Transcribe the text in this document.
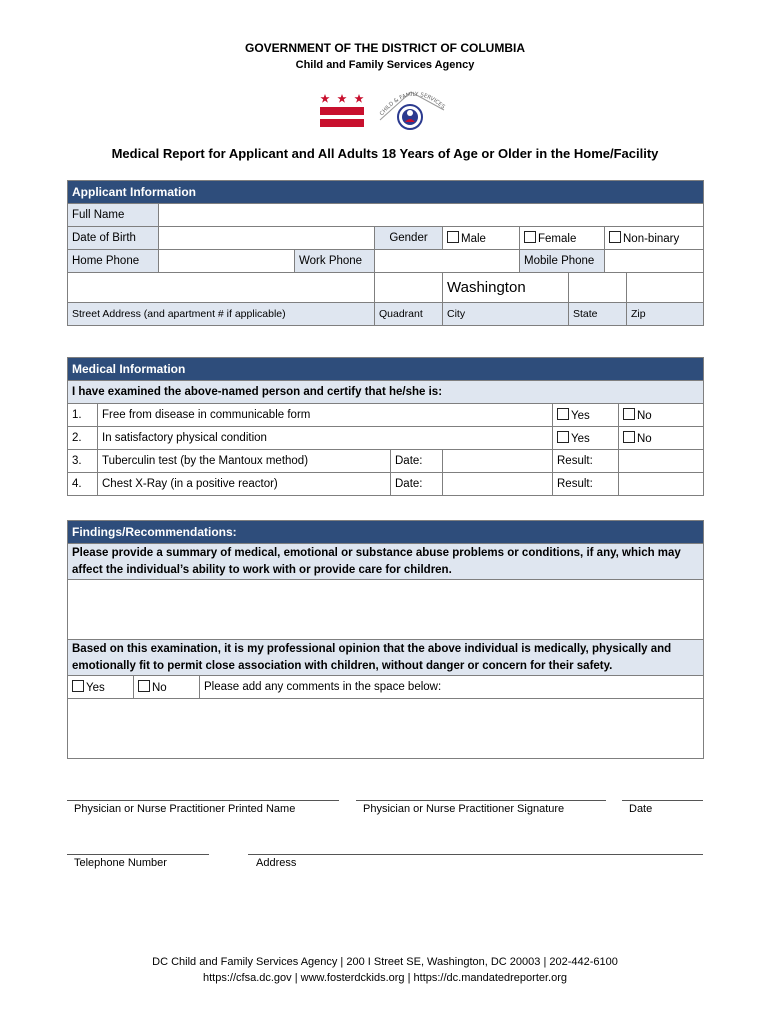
GOVERNMENT OF THE DISTRICT OF COLUMBIA
Child and Family Services Agency
CHILD & FAMILY SERVICES
Medical Report for Applicant and All Adults 18 Years of Age or Older in the Home/Facility
Applicant Information								
Full Name								
Date of Birth			Gender	Male	Female		Non-binary	
Home Phone		Work Phone			Mobile Phone			
				Washington				
Street Address (and apartment # if applicable)			Quadrant	City		State		Zip
Medical Information					
I have examined the above-named person and certify that he/she is:					
1.	Free from disease in communicable form			Yes	No
2.	In satisfactory physical condition			Yes	No
3.	Tuberculin test (by the Mantoux method)	Date:		Result:	
4.	Chest X-Ray (in a positive reactor)	Date:		Result:	
Findings/Recommendations:
Please provide a summary of medical, emotional or substance abuse problems or conditions, if any, which may affect the individual’s ability to work with or provide care for children.

Based on this examination, it is my professional opinion that the above individual is medically, physically and emotionally fit to permit close association with children, without danger or concern for their safety.
Yes	No	Please add any comments in the space below:

Physician or Nurse Practitioner Printed Name	Physician or Nurse Practitioner Signature	Date
Telephone Number	Address
DC Child and Family Services Agency | 200 I Street SE, Washington, DC 20003 | 202-442-6100
https://cfsa.dc.gov | www.fosterdckids.org | https://dc.mandatedreporter.org
